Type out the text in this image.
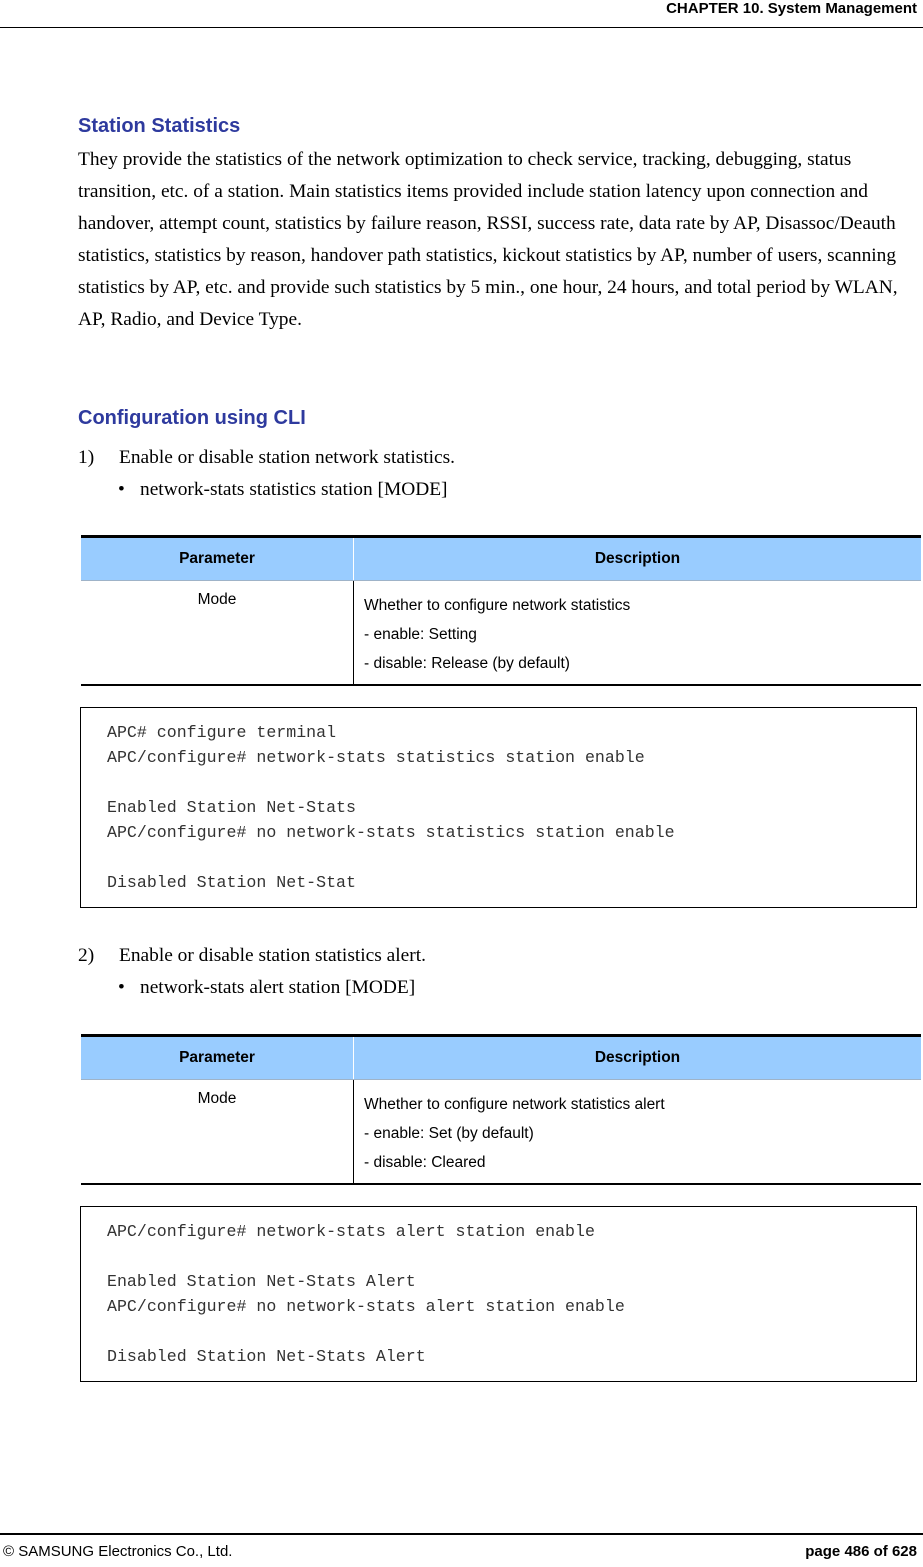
CHAPTER 10. System Management
Station Statistics

They provide the statistics of the network optimization to check service, tracking, debugging, status transition, etc. of a station. Main statistics items provided include station latency upon connection and handover, attempt count, statistics by failure reason, RSSI, success rate, data rate by AP, Disassoc/Deauth statistics, statistics by reason, handover path statistics, kickout statistics by AP, number of users, scanning statistics by AP, etc. and provide such statistics by 5 min., one hour, 24 hours, and total period by WLAN, AP, Radio, and Device Type.

Configuration using CLI
1) Enable or disable station network statistics.
• network-stats statistics station [MODE]
Parameter	Description
Mode	Whether to configure network statistics
- enable: Setting
- disable: Release (by default)
APC# configure terminal
APC/configure# network-stats statistics station enable
Enabled Station Net-Stats
APC/configure# no network-stats statistics station enable
Disabled Station Net-Stat
2) Enable or disable station statistics alert.
• network-stats alert station [MODE]
Parameter	Description
Mode	Whether to configure network statistics alert
- enable: Set (by default)
- disable: Cleared
APC/configure# network-stats alert station enable
Enabled Station Net-Stats Alert
APC/configure# no network-stats alert station enable
Disabled Station Net-Stats Alert
© SAMSUNG Electronics Co., Ltd.	page 486 of 628
